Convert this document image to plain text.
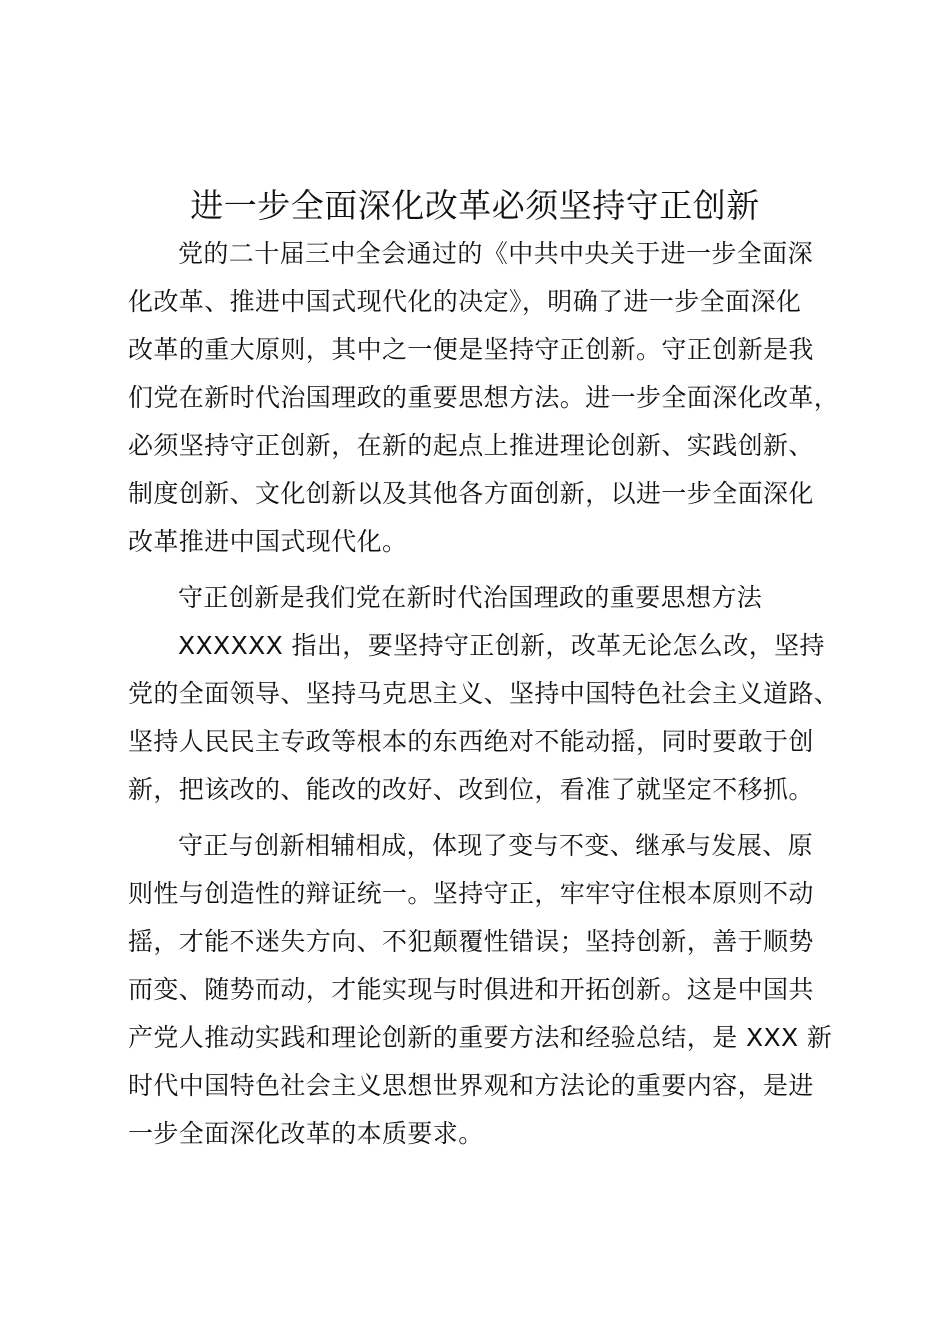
进一步全面深化改革必须坚持守正创新

党的二十届三中全会通过的《中共中央关于进一步全面深
化改革、推进中国式现代化的决定》，明确了进一步全面深化
改革的重大原则，其中之一便是坚持守正创新。守正创新是我
们党在新时代治国理政的重要思想方法。进一步全面深化改革，
必须坚持守正创新，在新的起点上推进理论创新、实践创新、
制度创新、文化创新以及其他各方面创新，以进一步全面深化
改革推进中国式现代化。

守正创新是我们党在新时代治国理政的重要思想方法

XXXXXX 指出，要坚持守正创新，改革无论怎么改，坚持
党的全面领导、坚持马克思主义、坚持中国特色社会主义道路、
坚持人民民主专政等根本的东西绝对不能动摇，同时要敢于创
新，把该改的、能改的改好、改到位，看准了就坚定不移抓。

守正与创新相辅相成，体现了变与不变、继承与发展、原
则性与创造性的辩证统一。坚持守正，牢牢守住根本原则不动
摇，才能不迷失方向、不犯颠覆性错误；坚持创新，善于顺势
而变、随势而动，才能实现与时俱进和开拓创新。这是中国共
产党人推动实践和理论创新的重要方法和经验总结，是 XXX 新
时代中国特色社会主义思想世界观和方法论的重要内容，是进
一步全面深化改革的本质要求。
